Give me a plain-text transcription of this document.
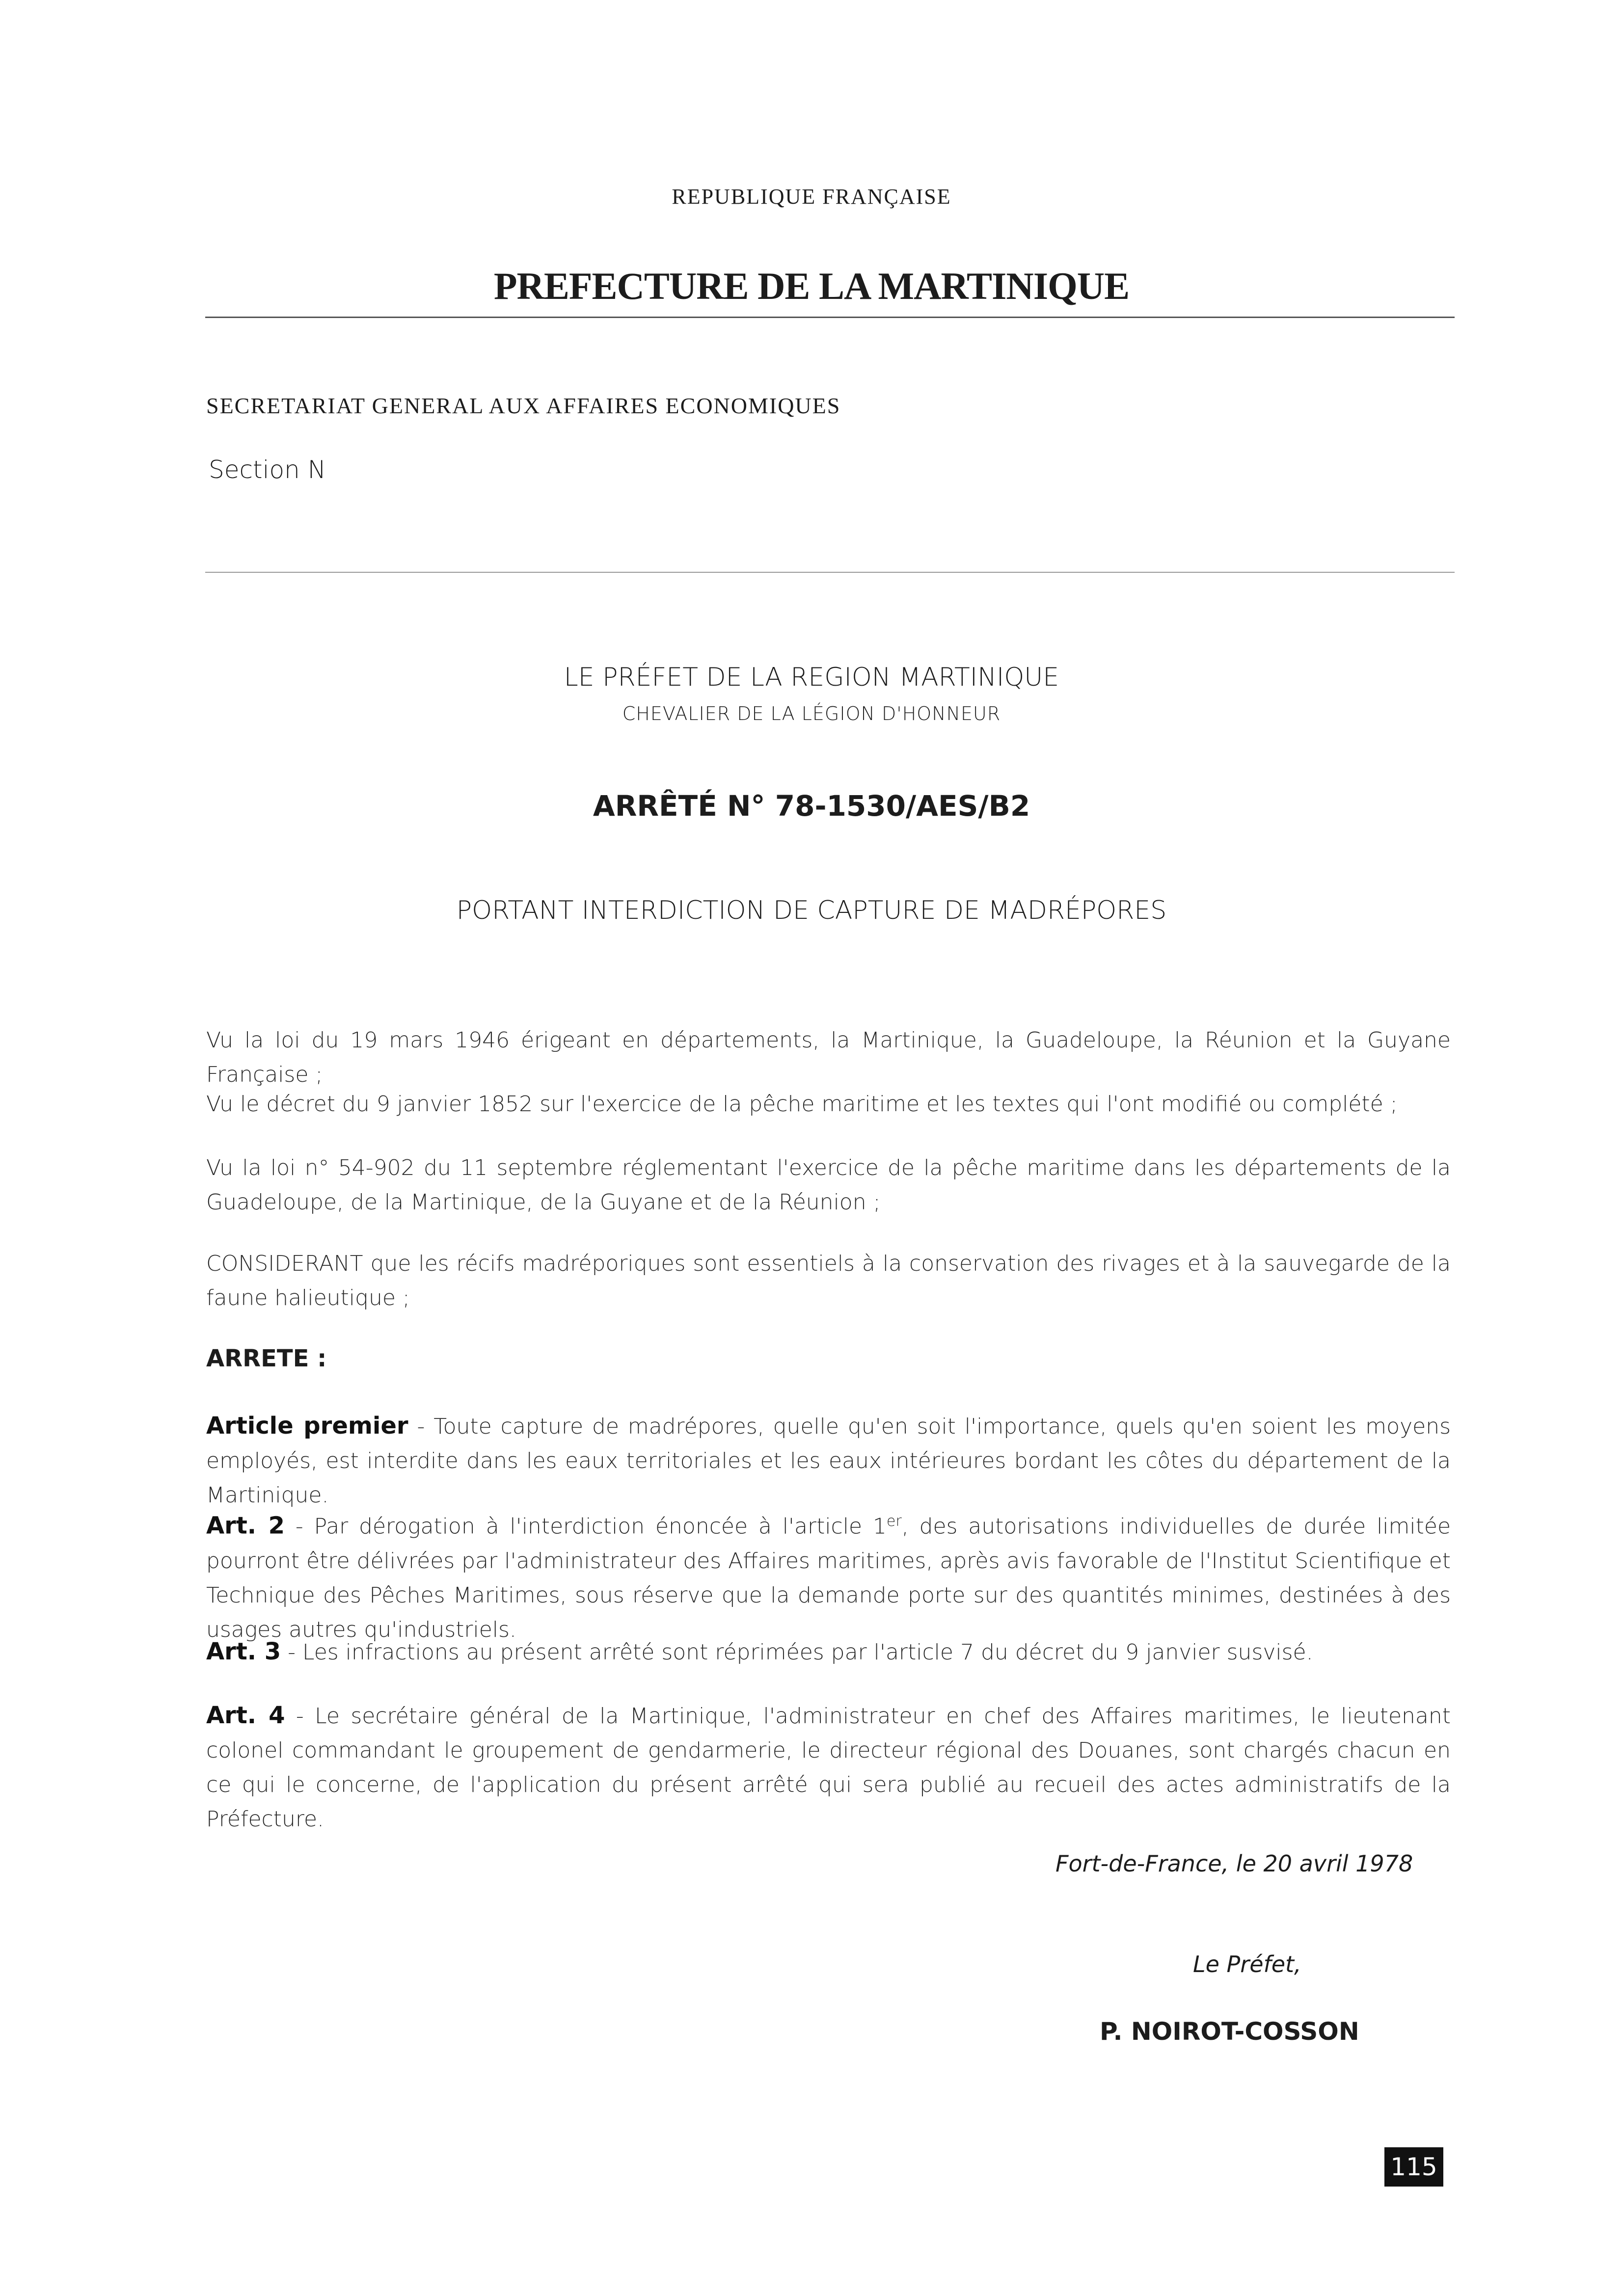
REPUBLIQUE FRANÇAISE
PREFECTURE DE LA MARTINIQUE
SECRETARIAT GENERAL AUX AFFAIRES ECONOMIQUES
Section N
LE PRÉFET DE LA REGION MARTINIQUE
CHEVALIER DE LA LÉGION D'HONNEUR
ARRÊTÉ N° 78-1530/AES/B2
PORTANT INTERDICTION DE CAPTURE DE MADRÉPORES
Vu la loi du 19 mars 1946 érigeant en départements, la Martinique, la Guadeloupe, la Réunion et la Guyane Française ;
Vu le décret du 9 janvier 1852 sur l'exercice de la pêche maritime et les textes qui l'ont modifié ou complété ;
Vu la loi n° 54-902 du 11 septembre réglementant l'exercice de la pêche maritime dans les départements de la Guadeloupe, de la Martinique, de la Guyane et de la Réunion ;
CONSIDERANT que les récifs madréporiques sont essentiels à la conservation des rivages et à la sauvegarde de la faune halieutique ;
ARRETE :
Article premier - Toute capture de madrépores, quelle qu'en soit l'importance, quels qu'en soient les moyens employés, est interdite dans les eaux territoriales et les eaux intérieures bordant les côtes du département de la Martinique.
Art. 2 - Par dérogation à l'interdiction énoncée à l'article 1er, des autorisations individuelles de durée limitée pourront être délivrées par l'administrateur des Affaires maritimes, après avis favorable de l'Institut Scientifique et Technique des Pêches Maritimes, sous réserve que la demande porte sur des quantités minimes, destinées à des usages autres qu'industriels.
Art. 3 - Les infractions au présent arrêté sont réprimées par l'article 7 du décret du 9 janvier susvisé.
Art. 4 - Le secrétaire général de la Martinique, l'administrateur en chef des Affaires maritimes, le lieutenant colonel commandant le groupement de gendarmerie, le directeur régional des Douanes, sont chargés chacun en ce qui le concerne, de l'application du présent arrêté qui sera publié au recueil des actes administratifs de la Préfecture.
Fort-de-France, le 20 avril 1978
Le Préfet,
P. NOIROT-COSSON
115
